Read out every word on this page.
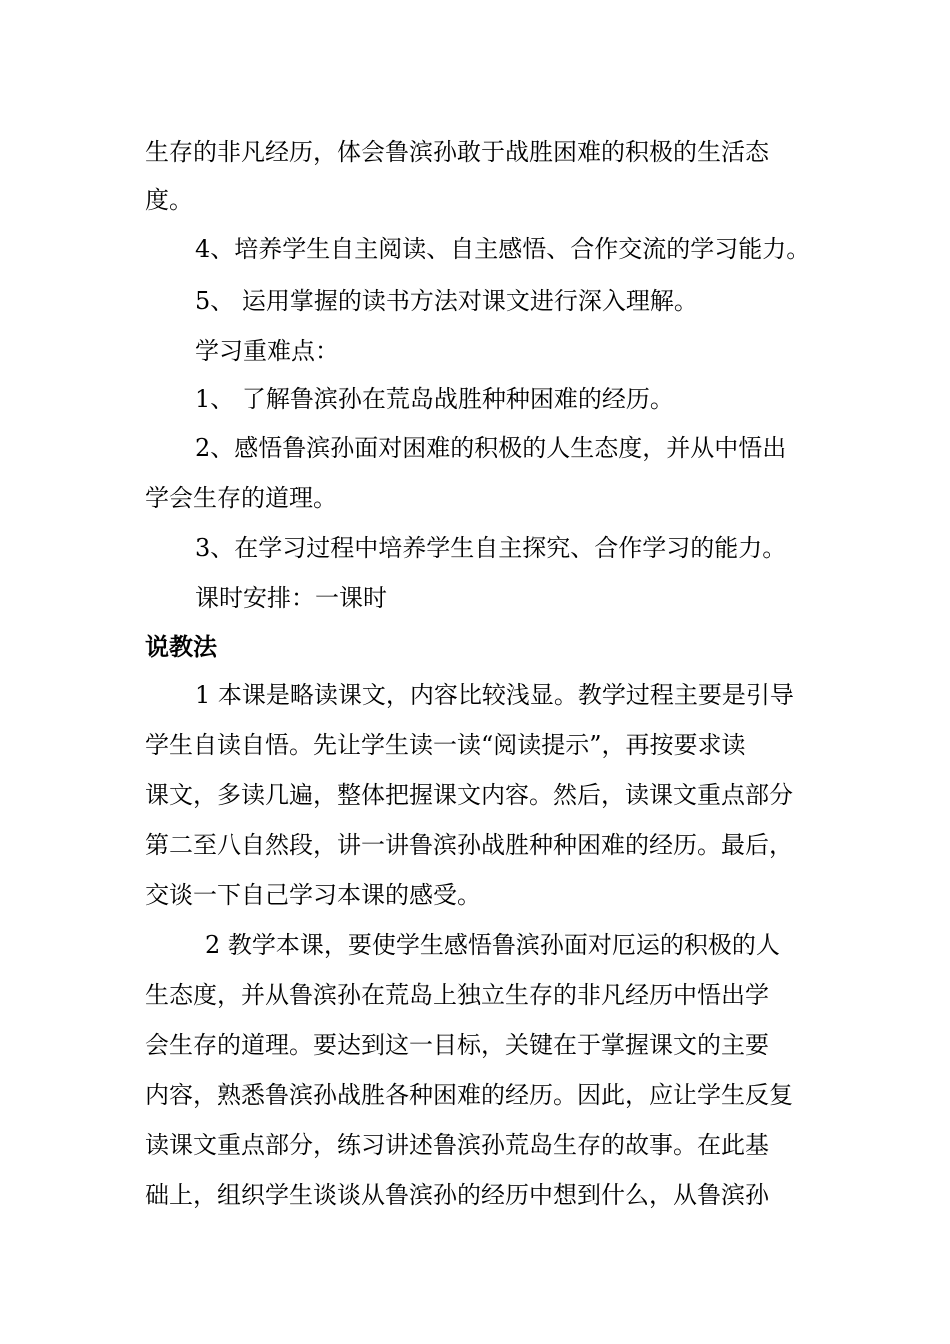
生存的非凡经历，体会鲁滨孙敢于战胜困难的积极的生活态
度。
4、培养学生自主阅读、自主感悟、合作交流的学习能力。
5、 运用掌握的读书方法对课文进行深入理解。
学习重难点：
1、 了解鲁滨孙在荒岛战胜种种困难的经历。
2、感悟鲁滨孙面对困难的积极的人生态度，并从中悟出
学会生存的道理。
3、在学习过程中培养学生自主探究、合作学习的能力。
课时安排：一课时
说教法
1 本课是略读课文，内容比较浅显。教学过程主要是引导
学生自读自悟。先让学生读一读“阅读提示”，再按要求读
课文，多读几遍，整体把握课文内容。然后，读课文重点部分
第二至八自然段，讲一讲鲁滨孙战胜种种困难的经历。最后，
交谈一下自己学习本课的感受。
2 教学本课，要使学生感悟鲁滨孙面对厄运的积极的人
生态度，并从鲁滨孙在荒岛上独立生存的非凡经历中悟出学
会生存的道理。要达到这一目标，关键在于掌握课文的主要
内容，熟悉鲁滨孙战胜各种困难的经历。因此，应让学生反复
读课文重点部分，练习讲述鲁滨孙荒岛生存的故事。在此基
础上，组织学生谈谈从鲁滨孙的经历中想到什么，从鲁滨孙
